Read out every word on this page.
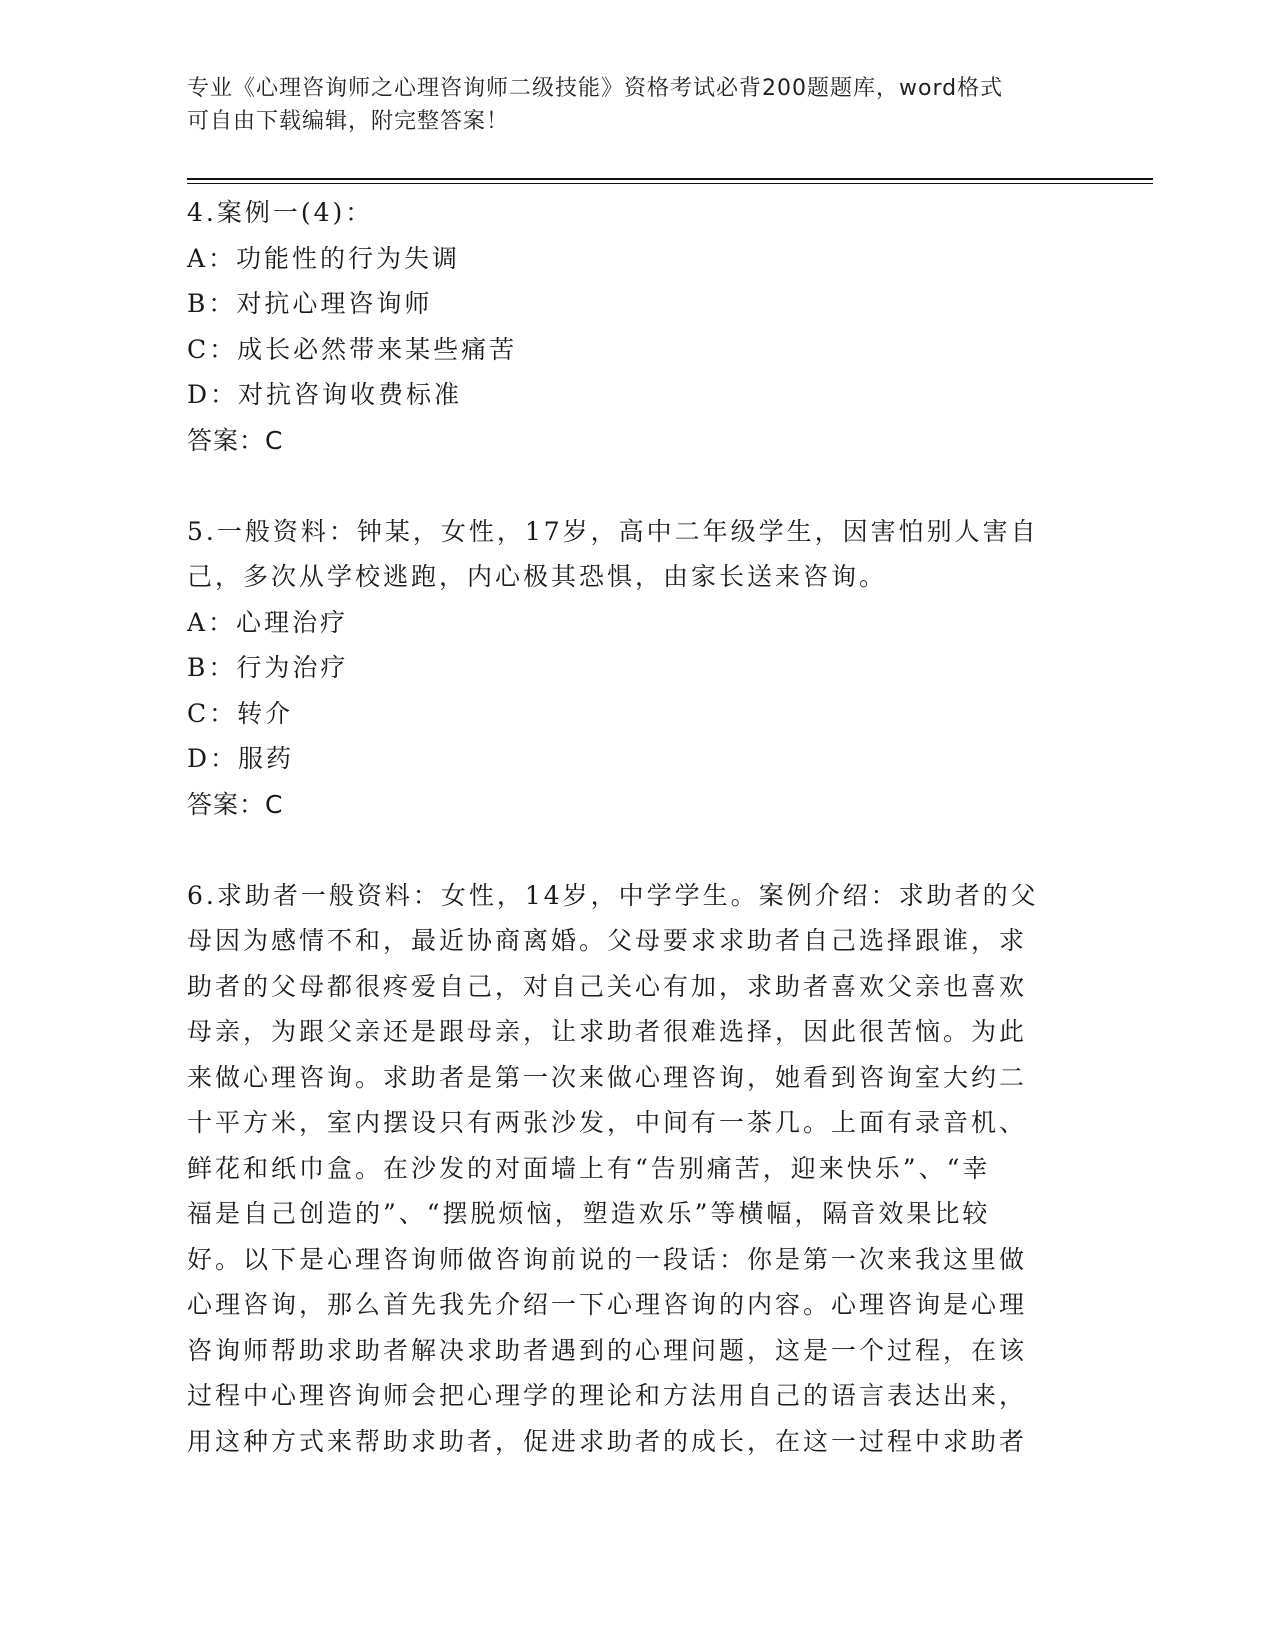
专业《心理咨询师之心理咨询师二级技能》资格考试必背200题题库，word格式
可自由下载编辑，附完整答案！
4.案例一(4)：
A：功能性的行为失调
B：对抗心理咨询师
C：成长必然带来某些痛苦
D：对抗咨询收费标准
答案：C
5.一般资料：钟某，女性，17岁，高中二年级学生，因害怕别人害自
己，多次从学校逃跑，内心极其恐惧，由家长送来咨询。
A：心理治疗
B：行为治疗
C：转介
D：服药
答案：C
6.求助者一般资料：女性，14岁，中学学生。案例介绍：求助者的父
母因为感情不和，最近协商离婚。父母要求求助者自己选择跟谁，求
助者的父母都很疼爱自己，对自己关心有加，求助者喜欢父亲也喜欢
母亲，为跟父亲还是跟母亲，让求助者很难选择，因此很苦恼。为此
来做心理咨询。求助者是第一次来做心理咨询，她看到咨询室大约二
十平方米，室内摆设只有两张沙发，中间有一茶几。上面有录音机、
鲜花和纸巾盒。在沙发的对面墙上有“告别痛苦，迎来快乐”、“幸
福是自己创造的”、“摆脱烦恼，塑造欢乐”等横幅，隔音效果比较
好。以下是心理咨询师做咨询前说的一段话：你是第一次来我这里做
心理咨询，那么首先我先介绍一下心理咨询的内容。心理咨询是心理
咨询师帮助求助者解决求助者遇到的心理问题，这是一个过程，在该
过程中心理咨询师会把心理学的理论和方法用自己的语言表达出来，
用这种方式来帮助求助者，促进求助者的成长，在这一过程中求助者
